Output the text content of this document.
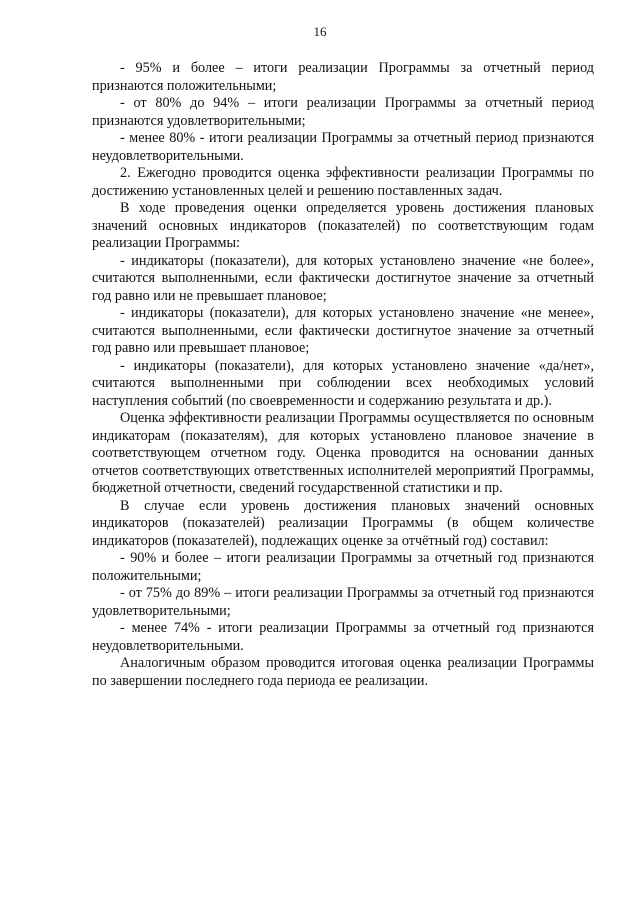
16

- 95% и более – итоги реализации Программы за отчетный период признаются положительными;

- от 80% до 94% – итоги реализации Программы за отчетный период признаются удовлетворительными;

- менее 80% - итоги реализации Программы за отчетный период признаются неудовлетворительными.

2. Ежегодно проводится оценка эффективности реализации Программы по достижению установленных целей и решению поставленных задач.

В ходе проведения оценки определяется уровень достижения плановых значений основных индикаторов (показателей) по соответствующим годам реализации Программы:

- индикаторы (показатели), для которых установлено значение «не более», считаются выполненными, если фактически достигнутое значение за отчетный год равно или не превышает плановое;

- индикаторы (показатели), для которых установлено значение «не менее», считаются выполненными, если фактически достигнутое значение за отчетный год равно или превышает плановое;

- индикаторы (показатели), для которых установлено значение «да/нет», считаются выполненными при соблюдении всех необходимых условий наступления событий (по своевременности и содержанию результата и др.).

Оценка эффективности реализации Программы осуществляется по основным индикаторам (показателям), для которых установлено плановое значение в соответствующем отчетном году. Оценка проводится на основании данных отчетов соответствующих ответственных исполнителей мероприятий Программы, бюджетной отчетности, сведений государственной статистики и пр.

В случае если уровень достижения плановых значений основных индикаторов (показателей) реализации Программы (в общем количестве индикаторов (показателей), подлежащих оценке за отчётный год) составил:

- 90% и более – итоги реализации Программы за отчетный год признаются положительными;

- от 75% до 89% – итоги реализации Программы за отчетный год признаются удовлетворительными;

- менее 74% - итоги реализации Программы за отчетный год признаются неудовлетворительными.

Аналогичным образом проводится итоговая оценка реализации Программы по завершении последнего года периода ее реализации.
